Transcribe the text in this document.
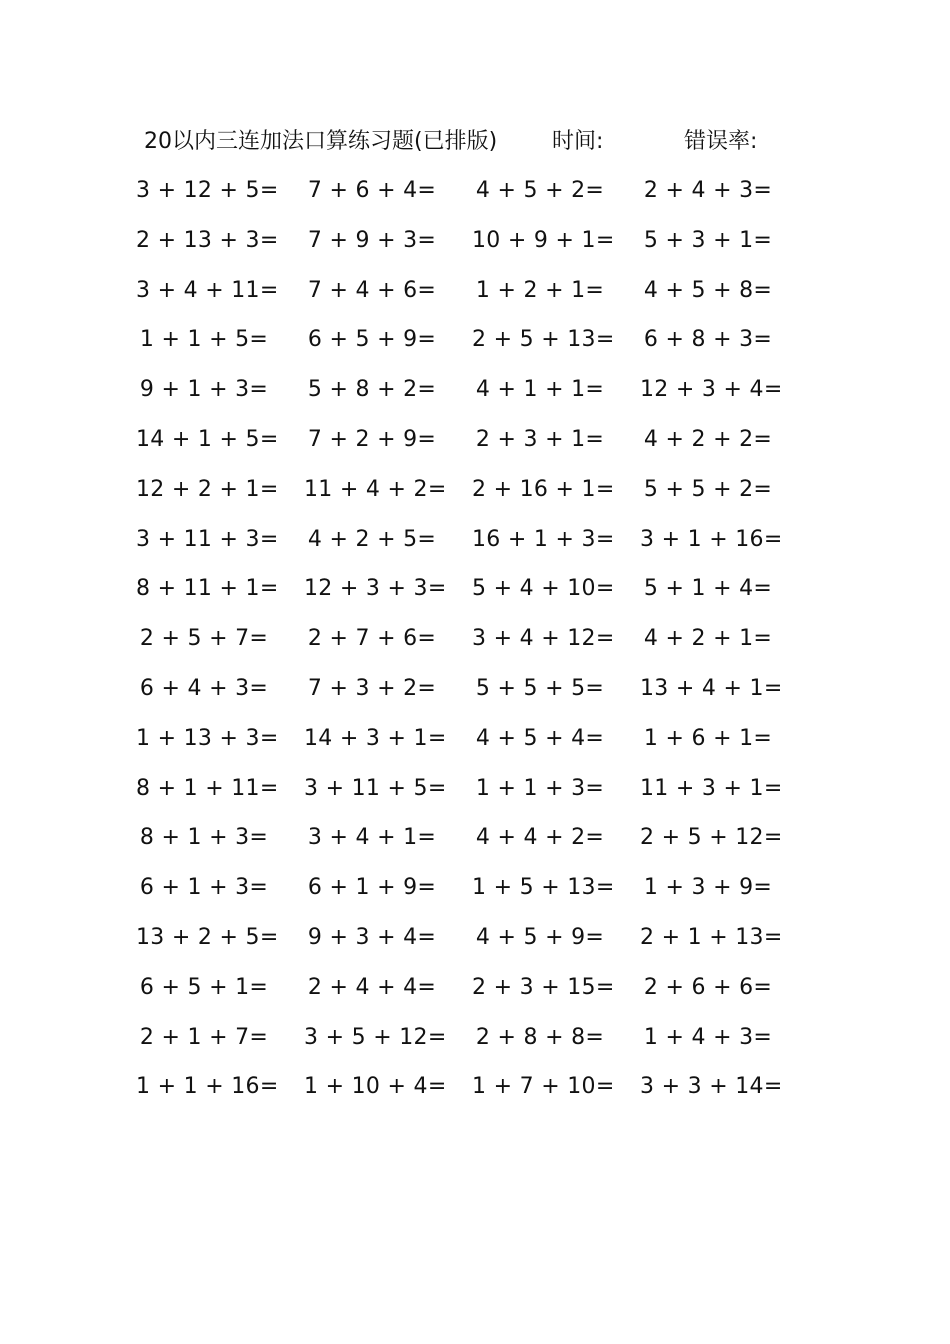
20以内三连加法口算练习题(已排版) 时间:	错误率:
3 + 12 + 5= 7 + 6 + 4= 4 + 5 + 2= 2 + 4 + 3=
2 + 13 + 3= 7 + 9 + 3= 10 + 9 + 1= 5 + 3 + 1=
3 + 4 + 11= 7 + 4 + 6= 1 + 2 + 1= 4 + 5 + 8=
1 + 1 + 5= 6 + 5 + 9= 2 + 5 + 13= 6 + 8 + 3=
9 + 1 + 3= 5 + 8 + 2= 4 + 1 + 1= 12 + 3 + 4=
14 + 1 + 5= 7 + 2 + 9= 2 + 3 + 1= 4 + 2 + 2=
12 + 2 + 1= 11 + 4 + 2= 2 + 16 + 1= 5 + 5 + 2=
3 + 11 + 3= 4 + 2 + 5= 16 + 1 + 3= 3 + 1 + 16=
8 + 11 + 1= 12 + 3 + 3= 5 + 4 + 10= 5 + 1 + 4=
2 + 5 + 7= 2 + 7 + 6= 3 + 4 + 12= 4 + 2 + 1=
6 + 4 + 3= 7 + 3 + 2= 5 + 5 + 5= 13 + 4 + 1=
1 + 13 + 3= 14 + 3 + 1= 4 + 5 + 4= 1 + 6 + 1=
8 + 1 + 11= 3 + 11 + 5= 1 + 1 + 3= 11 + 3 + 1=
8 + 1 + 3= 3 + 4 + 1= 4 + 4 + 2= 2 + 5 + 12=
6 + 1 + 3= 6 + 1 + 9= 1 + 5 + 13= 1 + 3 + 9=
13 + 2 + 5= 9 + 3 + 4= 4 + 5 + 9= 2 + 1 + 13=
6 + 5 + 1= 2 + 4 + 4= 2 + 3 + 15= 2 + 6 + 6=
2 + 1 + 7= 3 + 5 + 12= 2 + 8 + 8= 1 + 4 + 3=
1 + 1 + 16= 1 + 10 + 4= 1 + 7 + 10= 3 + 3 + 14=
